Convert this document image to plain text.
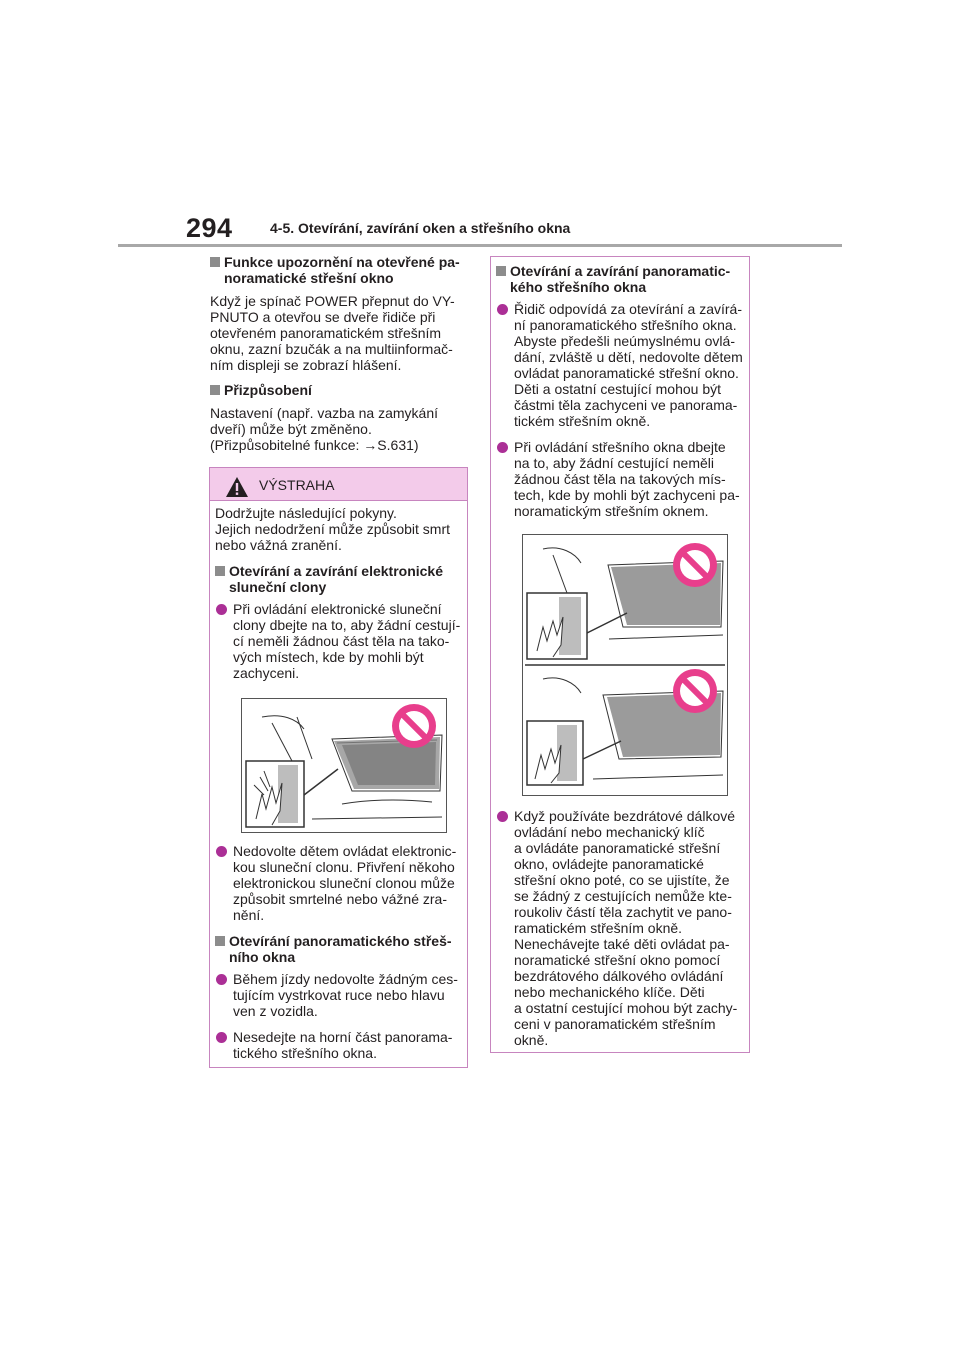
294	4-5. Otevírání, zavírání oken a střešního okna
Funkce upozornění na otevřené pa-
noramatické střešní okno
Když je spínač POWER přepnut do VY-
PNUTO a otevřou se dveře řidiče při
otevřeném panoramatickém střešním
oknu, zazní bzučák a na multiinformač-
ním displeji se zobrazí hlášení.
Přizpůsobení
Nastavení (např. vazba na zamykání
dveří) může být změněno.
(Přizpůsobitelné funkce: →S.631)
VÝSTRAHA
Dodržujte následující pokyny.
Jejich nedodržení může způsobit smrt
nebo vážná zranění.
Otevírání a zavírání elektronické
sluneční clony
Při ovládání elektronické sluneční
clony dbejte na to, aby žádní cestují-
cí neměli žádnou část těla na tako-
vých místech, kde by mohli být
zachyceni.
Nedovolte dětem ovládat elektronic-
kou sluneční clonu. Přivření někoho
elektronickou sluneční clonou může
způsobit smrtelné nebo vážné zra-
nění.
Otevírání panoramatického střeš-
ního okna
Během jízdy nedovolte žádným ces-
tujícím vystrkovat ruce nebo hlavu
ven z vozidla.
Nesedejte na horní část panorama-
tického střešního okna.
Otevírání a zavírání panoramatic-
kého střešního okna
Řidič odpovídá za otevírání a zavírá-
ní panoramatického střešního okna.
Abyste předešli neúmyslnému ovlá-
dání, zvláště u dětí, nedovolte dětem
ovládat panoramatické střešní okno.
Děti a ostatní cestující mohou být
částmi těla zachyceni ve panorama-
tickém střešním okně.
Při ovládání střešního okna dbejte
na to, aby žádní cestující neměli
žádnou část těla na takových mís-
tech, kde by mohli být zachyceni pa-
noramatickým střešním oknem.
Když používáte bezdrátové dálkové
ovládání nebo mechanický klíč
a ovládáte panoramatické střešní
okno, ovládejte panoramatické
střešní okno poté, co se ujistíte, že
se žádný z cestujících nemůže kte-
roukoliv částí těla zachytit ve pano-
ramatickém střešním okně.
Nenechávejte také děti ovládat pa-
noramatické střešní okno pomocí
bezdrátového dálkového ovládání
nebo mechanického klíče. Děti
a ostatní cestující mohou být zachy-
ceni v panoramatickém střešním
okně.
